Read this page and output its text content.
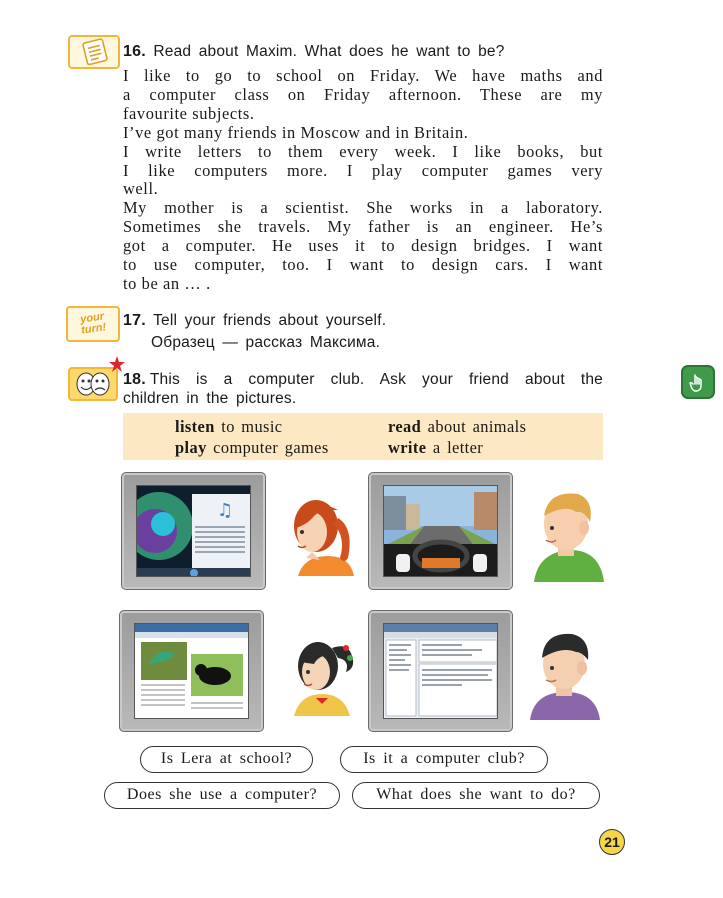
16. Read about Maxim. What does he want to be?
I like to go to school on Friday. We have maths and
a computer class on Friday afternoon. These are my
favourite subjects.
I’ve got many friends in Moscow and in Britain.
I write letters to them every week. I like books, but
I like computers more. I play computer games very
well.
My mother is a scientist. She works in a laboratory.
Sometimes she travels. My father is an engineer. He’s
got a computer. He uses it to design bridges. I want
to use computer, too. I want to design cars. I want
to be an … .
your turn!	17. Tell your friends about yourself.
Образец — рассказ Максима.
18. This is a computer club. Ask your friend about the
children in the pictures.
listen to music	read about animals
play computer games	write a letter
♫
Is Lera at school?	Is it a computer club?
Does she use a computer?	What does she want to do?
21
